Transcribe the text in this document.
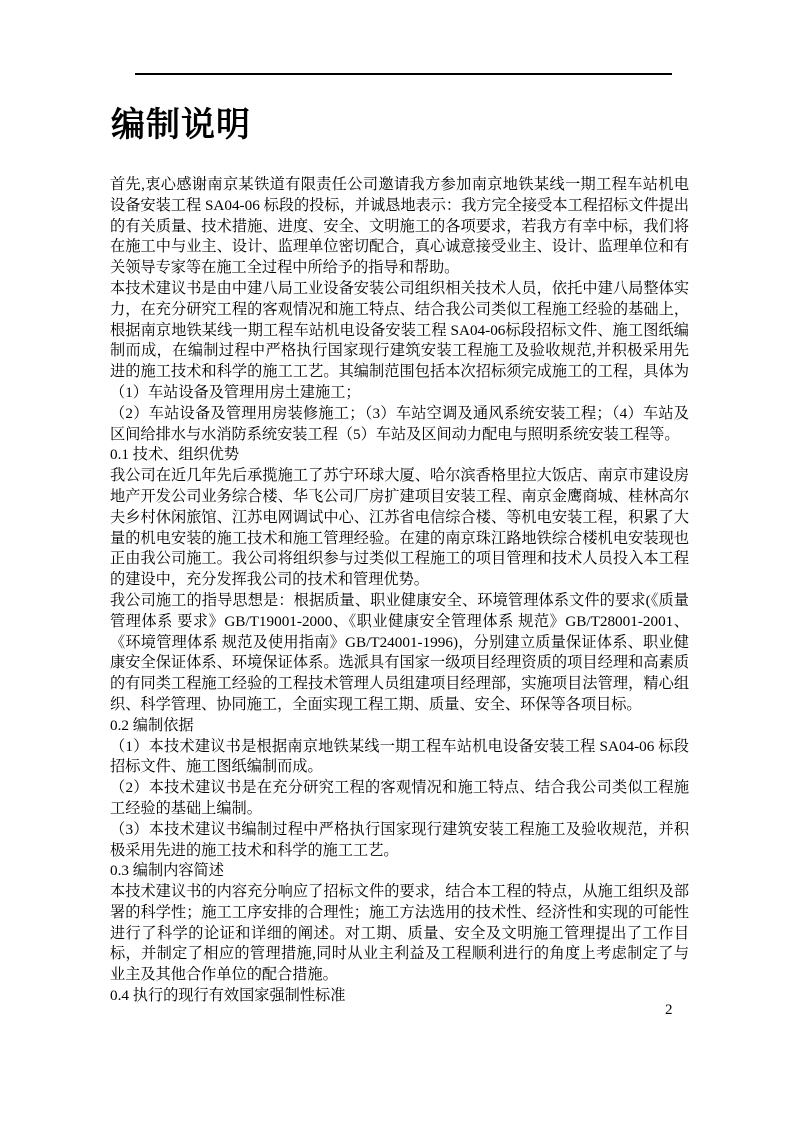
编制说明

首先,衷心感谢南京某铁道有限责任公司邀请我方参加南京地铁某线一期工程车站机电设备安装工程 SA04-06 标段的投标，并诚恳地表示：我方完全接受本工程招标文件提出的有关质量、技术措施、进度、安全、文明施工的各项要求，若我方有幸中标，我们将在施工中与业主、设计、监理单位密切配合，真心诚意接受业主、设计、监理单位和有关领导专家等在施工全过程中所给予的指导和帮助。

本技术建议书是由中建八局工业设备安装公司组织相关技术人员，依托中建八局整体实力，在充分研究工程的客观情况和施工特点、结合我公司类似工程施工经验的基础上，根据南京地铁某线一期工程车站机电设备安装工程 SA04-06标段招标文件、施工图纸编制而成，在编制过程中严格执行国家现行建筑安装工程施工及验收规范,并积极采用先进的施工技术和科学的施工工艺。其编制范围包括本次招标须完成施工的工程，具体为（1）车站设备及管理用房土建施工；

（2）车站设备及管理用房装修施工；（3）车站空调及通风系统安装工程；（4）车站及区间给排水与水消防系统安装工程（5）车站及区间动力配电与照明系统安装工程等。

0.1 技术、组织优势

我公司在近几年先后承揽施工了苏宁环球大厦、哈尔滨香格里拉大饭店、南京市建设房地产开发公司业务综合楼、华飞公司厂房扩建项目安装工程、南京金鹰商城、桂林高尔夫乡村休闲旅馆、江苏电网调试中心、江苏省电信综合楼、等机电安装工程，积累了大量的机电安装的施工技术和施工管理经验。在建的南京珠江路地铁综合楼机电安装现也正由我公司施工。我公司将组织参与过类似工程施工的项目管理和技术人员投入本工程的建设中，充分发挥我公司的技术和管理优势。

我公司施工的指导思想是：根据质量、职业健康安全、环境管理体系文件的要求(《质量管理体系 要求》GB/T19001-2000、《职业健康安全管理体系 规范》GB/T28001-2001、《环境管理体系 规范及使用指南》GB/T24001-1996)，分别建立质量保证体系、职业健康安全保证体系、环境保证体系。选派具有国家一级项目经理资质的项目经理和高素质的有同类工程施工经验的工程技术管理人员组建项目经理部，实施项目法管理，精心组织、科学管理、协同施工，全面实现工程工期、质量、安全、环保等各项目标。

0.2 编制依据

（1）本技术建议书是根据南京地铁某线一期工程车站机电设备安装工程 SA04-06 标段招标文件、施工图纸编制而成。

（2）本技术建议书是在充分研究工程的客观情况和施工特点、结合我公司类似工程施工经验的基础上编制。

（3）本技术建议书编制过程中严格执行国家现行建筑安装工程施工及验收规范，并积极采用先进的施工技术和科学的施工工艺。

0.3 编制内容简述

本技术建议书的内容充分响应了招标文件的要求，结合本工程的特点，从施工组织及部署的科学性；施工工序安排的合理性；施工方法选用的技术性、经济性和实现的可能性进行了科学的论证和详细的阐述。对工期、质量、安全及文明施工管理提出了工作目标，并制定了相应的管理措施,同时从业主利益及工程顺利进行的角度上考虑制定了与业主及其他合作单位的配合措施。

0.4 执行的现行有效国家强制性标准

2
